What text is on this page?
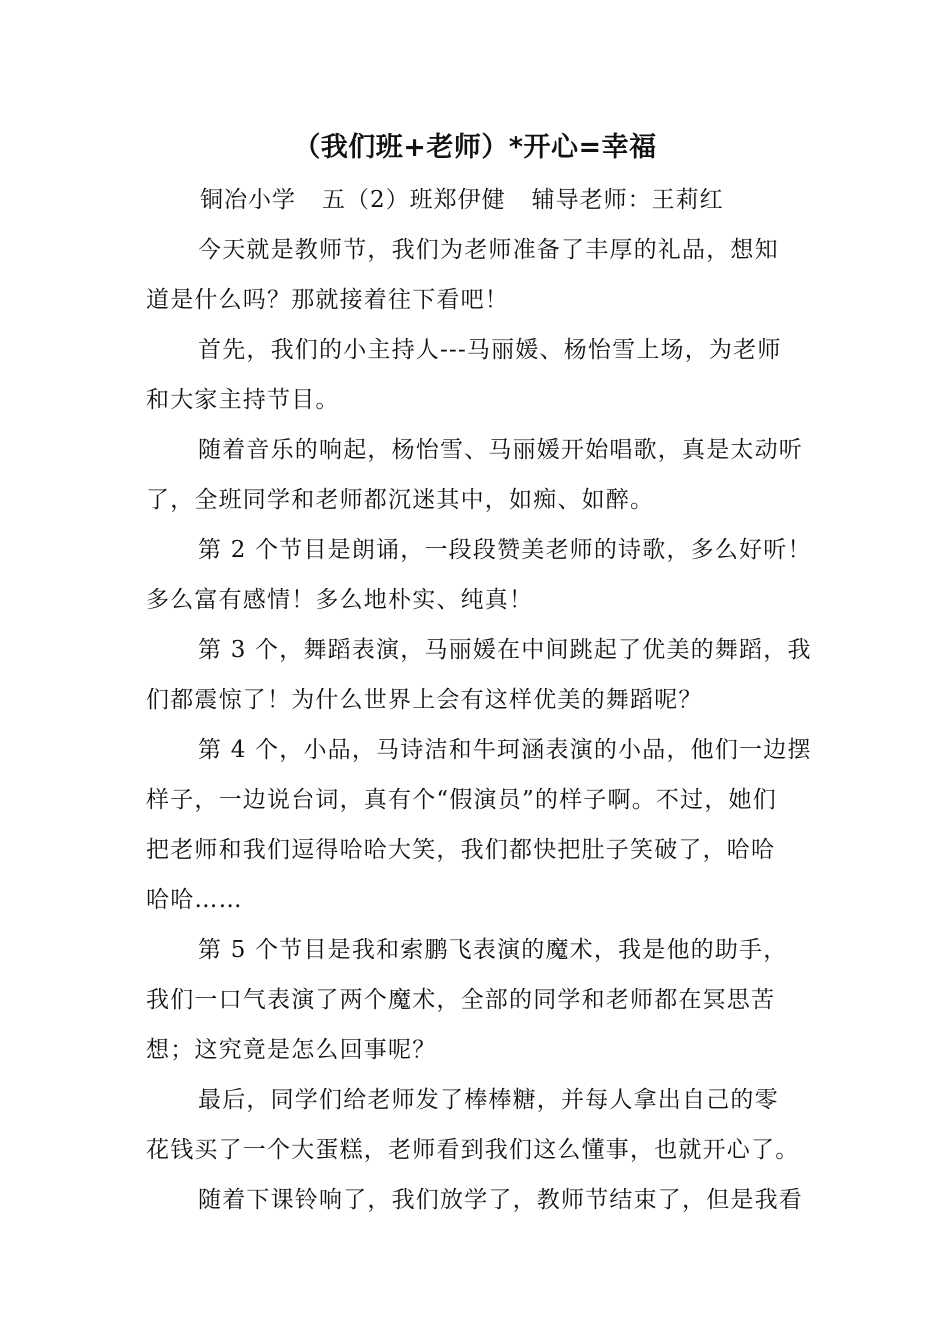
（我们班+老师）*开心=幸福
铜冶小学 五（2）班郑伊健 辅导老师：王莉红
今天就是教师节，我们为老师准备了丰厚的礼品，想知
道是什么吗？那就接着往下看吧！
首先，我们的小主持人---马丽媛、杨怡雪上场，为老师
和大家主持节目。
随着音乐的响起，杨怡雪、马丽媛开始唱歌，真是太动听
了，全班同学和老师都沉迷其中，如痴、如醉。
第 2 个节目是朗诵，一段段赞美老师的诗歌，多么好听！
多么富有感情！多么地朴实、纯真！
第 3 个，舞蹈表演，马丽媛在中间跳起了优美的舞蹈，我
们都震惊了！为什么世界上会有这样优美的舞蹈呢？
第 4 个，小品，马诗洁和牛珂涵表演的小品，他们一边摆
样子，一边说台词，真有个“假演员”的样子啊。不过，她们
把老师和我们逗得哈哈大笑，我们都快把肚子笑破了，哈哈
哈哈……
第 5 个节目是我和索鹏飞表演的魔术，我是他的助手，
我们一口气表演了两个魔术，全部的同学和老师都在冥思苦
想；这究竟是怎么回事呢？
最后，同学们给老师发了棒棒糖，并每人拿出自己的零
花钱买了一个大蛋糕，老师看到我们这么懂事，也就开心了。
随着下课铃响了，我们放学了，教师节结束了，但是我看
